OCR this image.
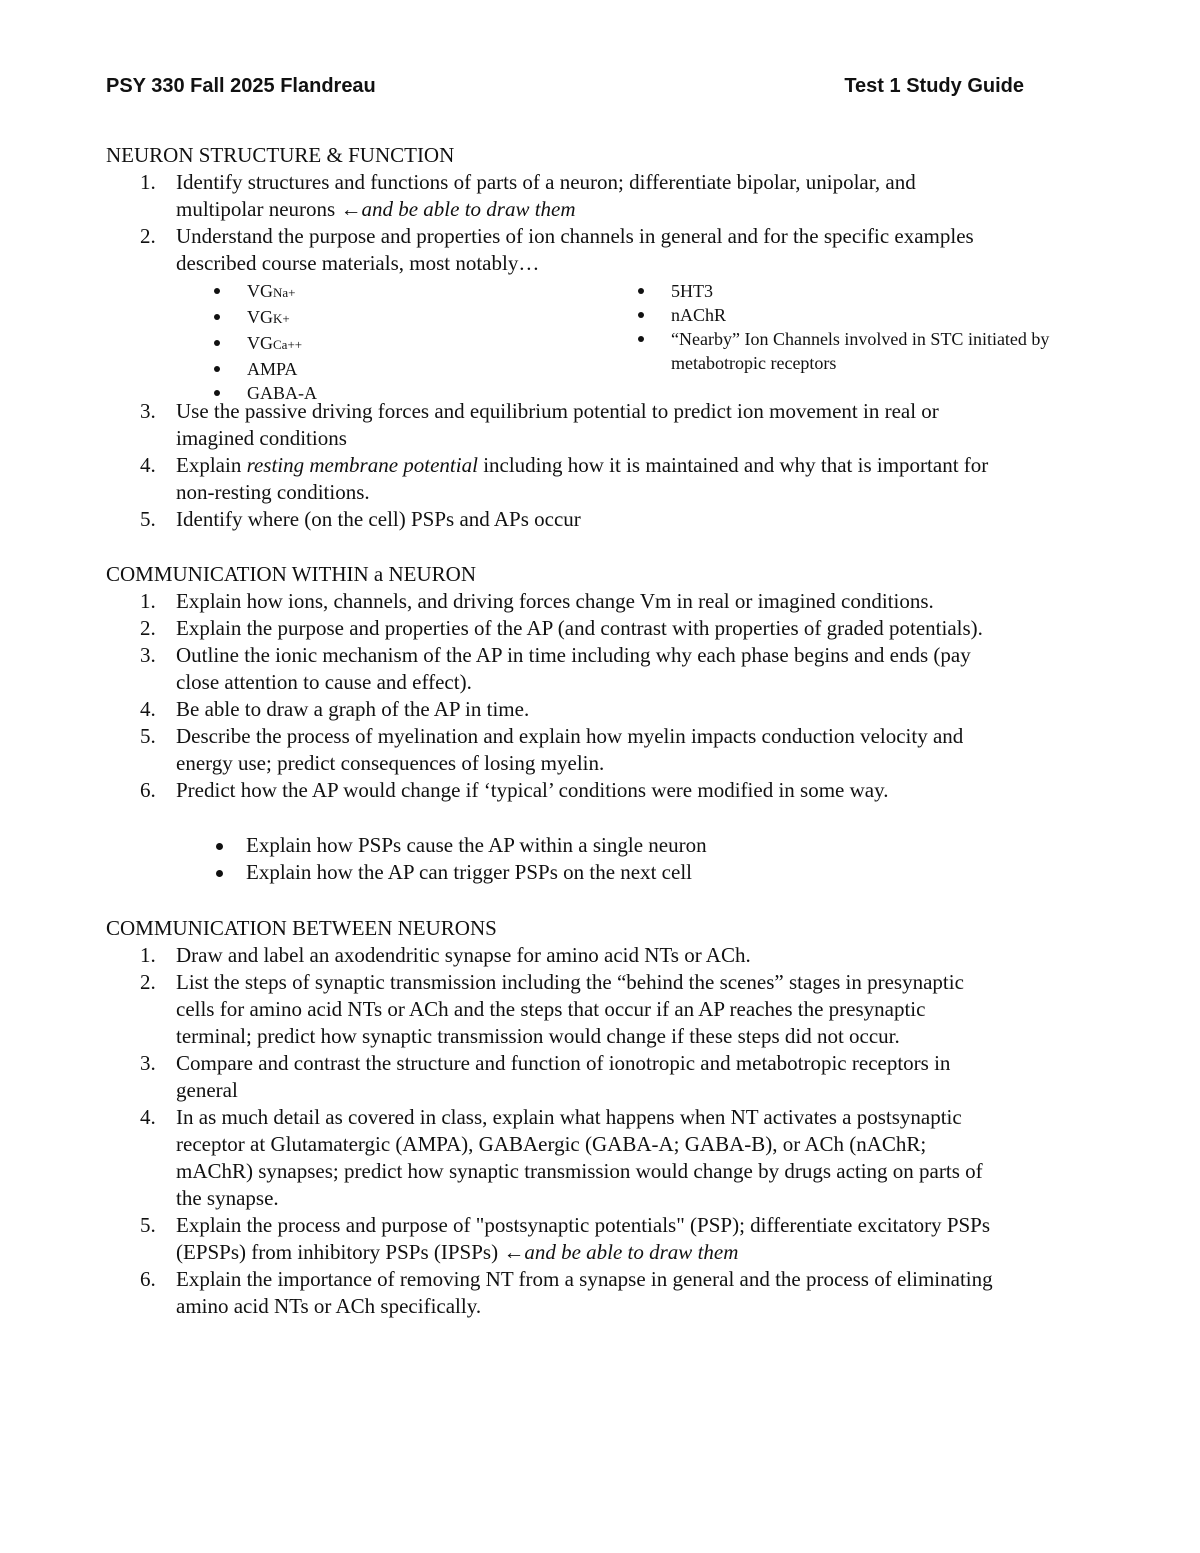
PSY 330 Fall 2025 Flandreau	Test 1 Study Guide
NEURON STRUCTURE & FUNCTION
1. Identify structures and functions of parts of a neuron; differentiate bipolar, unipolar, and
multipolar neurons ←and be able to draw them
2. Understand the purpose and properties of ion channels in general and for the specific examples
described course materials, most notably…
VGNa+
VGK+
VGCa++
AMPA
GABA-A
5HT3
nAChR
“Nearby” Ion Channels involved in STC initiated by
metabotropic receptors
3. Use the passive driving forces and equilibrium potential to predict ion movement in real or
imagined conditions
4. Explain resting membrane potential including how it is maintained and why that is important for
non-resting conditions.
5. Identify where (on the cell) PSPs and APs occur
COMMUNICATION WITHIN a NEURON
1. Explain how ions, channels, and driving forces change Vm in real or imagined conditions.
2. Explain the purpose and properties of the AP (and contrast with properties of graded potentials).
3. Outline the ionic mechanism of the AP in time including why each phase begins and ends (pay
close attention to cause and effect).
4. Be able to draw a graph of the AP in time.
5. Describe the process of myelination and explain how myelin impacts conduction velocity and
energy use; predict consequences of losing myelin.
6. Predict how the AP would change if ‘typical’ conditions were modified in some way.
Explain how PSPs cause the AP within a single neuron
Explain how the AP can trigger PSPs on the next cell
COMMUNICATION BETWEEN NEURONS
1. Draw and label an axodendritic synapse for amino acid NTs or ACh.
2. List the steps of synaptic transmission including the “behind the scenes” stages in presynaptic
cells for amino acid NTs or ACh and the steps that occur if an AP reaches the presynaptic
terminal; predict how synaptic transmission would change if these steps did not occur.
3. Compare and contrast the structure and function of ionotropic and metabotropic receptors in
general
4. In as much detail as covered in class, explain what happens when NT activates a postsynaptic
receptor at Glutamatergic (AMPA), GABAergic (GABA-A; GABA-B), or ACh (nAChR;
mAChR) synapses; predict how synaptic transmission would change by drugs acting on parts of
the synapse.
5. Explain the process and purpose of "postsynaptic potentials" (PSP); differentiate excitatory PSPs
(EPSPs) from inhibitory PSPs (IPSPs) ←and be able to draw them
6. Explain the importance of removing NT from a synapse in general and the process of eliminating
amino acid NTs or ACh specifically.
